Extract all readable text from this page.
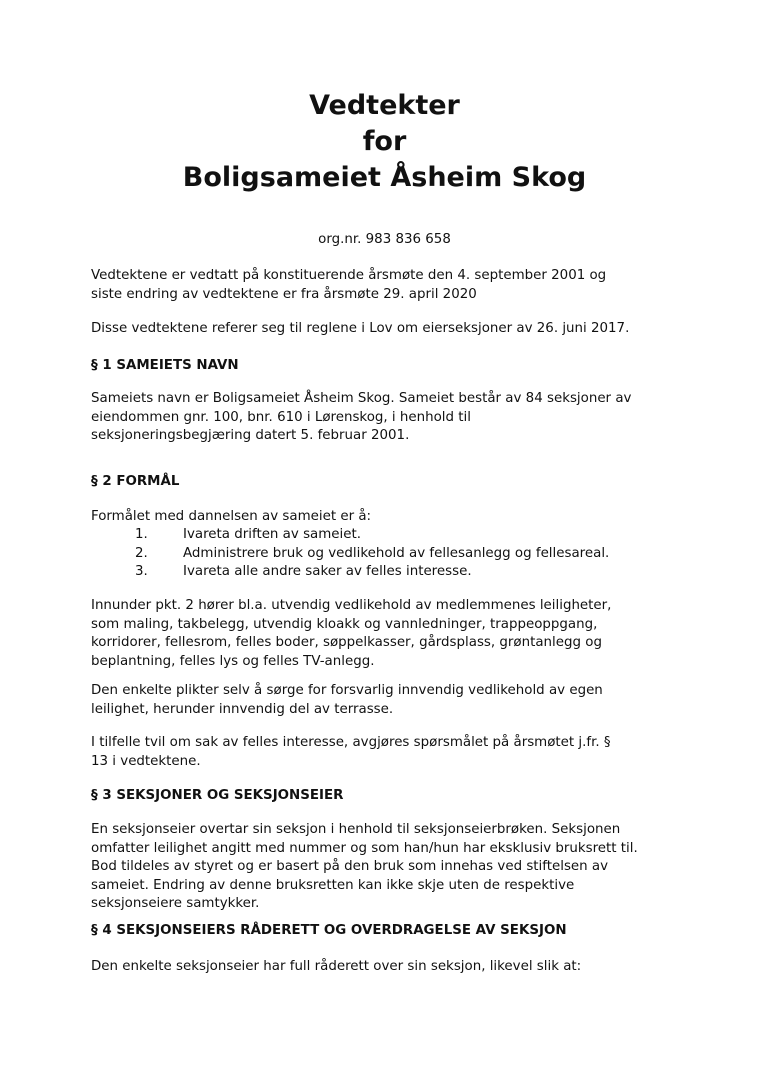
Vedtekter
for
Boligsameiet Åsheim Skog
org.nr. 983 836 658
Vedtektene er vedtatt på konstituerende årsmøte den 4. september 2001 og
siste endring av vedtektene er fra årsmøte 29. april 2020
Disse vedtektene referer seg til reglene i Lov om eierseksjoner av 26. juni 2017.
§ 1 SAMEIETS NAVN
Sameiets navn er Boligsameiet Åsheim Skog. Sameiet består av 84 seksjoner av
eiendommen gnr. 100, bnr. 610 i Lørenskog, i henhold til
seksjoneringsbegjæring datert 5. februar 2001.
§ 2 FORMÅL
Formålet med dannelsen av sameiet er å:
1.	Ivareta driften av sameiet.
2.	Administrere bruk og vedlikehold av fellesanlegg og fellesareal.
3.	Ivareta alle andre saker av felles interesse.
Innunder pkt. 2 hører bl.a. utvendig vedlikehold av medlemmenes leiligheter,
som maling, takbelegg, utvendig kloakk og vannledninger, trappeoppgang,
korridorer, fellesrom, felles boder, søppelkasser, gårdsplass, grøntanlegg og
beplantning, felles lys og felles TV-anlegg.
Den enkelte plikter selv å sørge for forsvarlig innvendig vedlikehold av egen
leilighet, herunder innvendig del av terrasse.
I tilfelle tvil om sak av felles interesse, avgjøres spørsmålet på årsmøtet j.fr. §
13 i vedtektene.
§ 3 SEKSJONER OG SEKSJONSEIER
En seksjonseier overtar sin seksjon i henhold til seksjonseierbrøken. Seksjonen
omfatter leilighet angitt med nummer og som han/hun har eksklusiv bruksrett til.
Bod tildeles av styret og er basert på den bruk som innehas ved stiftelsen av
sameiet. Endring av denne bruksretten kan ikke skje uten de respektive
seksjonseiere samtykker.
§ 4 SEKSJONSEIERS RÅDERETT OG OVERDRAGELSE AV SEKSJON
Den enkelte seksjonseier har full råderett over sin seksjon, likevel slik at:
